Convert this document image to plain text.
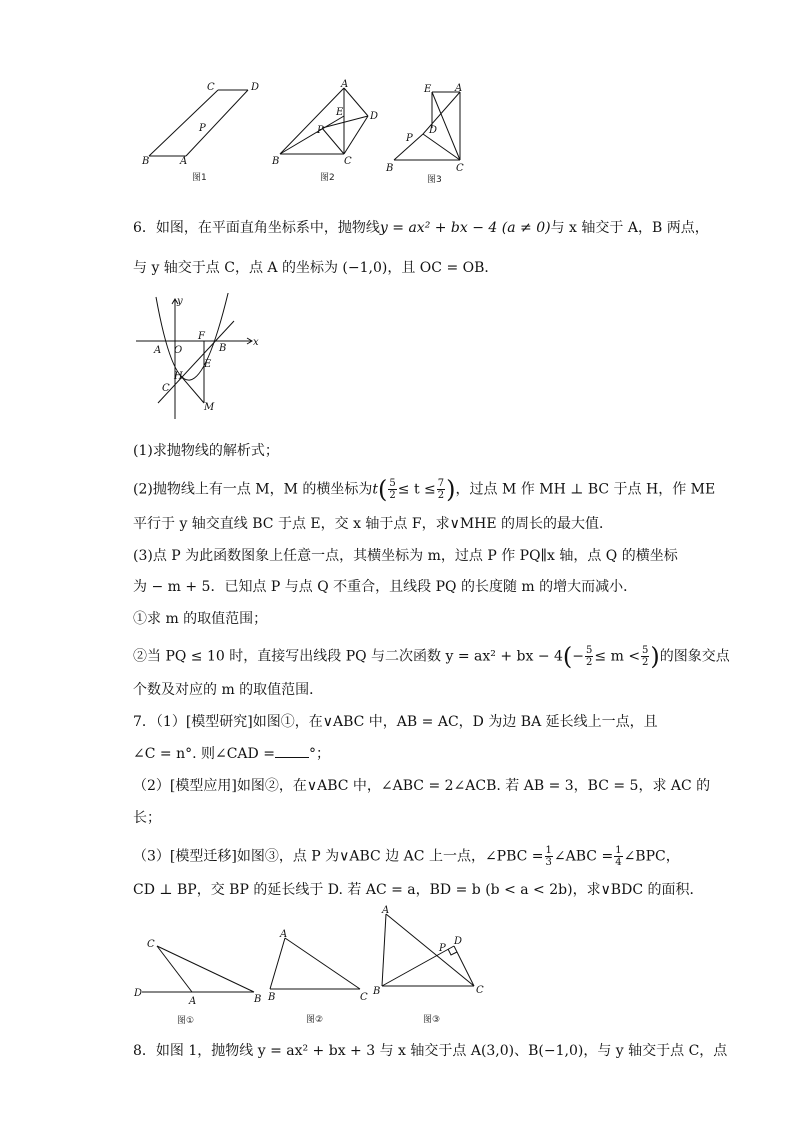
C	D
P
B	A
图1
A
E	D
P
B	C
图2
E A
D
P
B	C
图3
6．如图，在平面直角坐标系中，抛物线y = ax² + bx − 4 (a ≠ 0)与 x 轴交于 A，B 两点，
与 y 轴交于点 C，点 A 的坐标为 (−1,0)，且 OC = OB．
y
x
A O
F
B
E
H
C
M
(1)求抛物线的解析式；
(2)抛物线上有一点 M，M 的横坐标为$t( \frac{5}{2} \le t \le \frac{7}{2}$ )，过点 M 作 MH ⊥ BC 于点 H，作 ME
平行于 y 轴交直线 BC 于点 E，交 x 轴于点 F，求∨MHE 的周长的最大值．
(3)点 P 为此函数图象上任意一点，其横坐标为 m，过点 P 作 PQ∥x 轴，点 Q 的横坐标
为 − m + 5．已知点 P 与点 Q 不重合，且线段 PQ 的长度随 m 的增大而减小．
①求 m 的取值范围；
②当 PQ ≤ 10 时，直接写出线段 PQ 与二次函数 y = ax² + bx − $4(- \frac{5}{2} \le m < \frac{5}{2}$ )的图象交点
个数及对应的 m 的取值范围．
7．（1）[模型研究]如图①，在∨ABC 中，AB = AC，D 为边 BA 延长线上一点，且
∠C = n°. 则∠CAD = °；
（2）[模型应用]如图②，在∨ABC 中，∠ABC = 2∠ACB. 若 AB = 3，BC = 5，求 AC 的
长；
（3）[模型迁移]如图③，点 P 为∨ABC 边 AC 上一点，∠PBC = $\frac{1}{3}$ ∠ABC = $\frac{1}{4}$ ∠BPC，
CD ⊥ BP，交 BP 的延长线于 D. 若 AC = a，BD = b (b < a < 2b)，求∨BDC 的面积．
C
D
A	B
图①
A
B	C
图②
A
P
D
B	C
图③
8．如图 1，抛物线 y = ax² + bx + 3 与 x 轴交于点 A(3,0)、B(−1,0)，与 y 轴交于点 C，点
